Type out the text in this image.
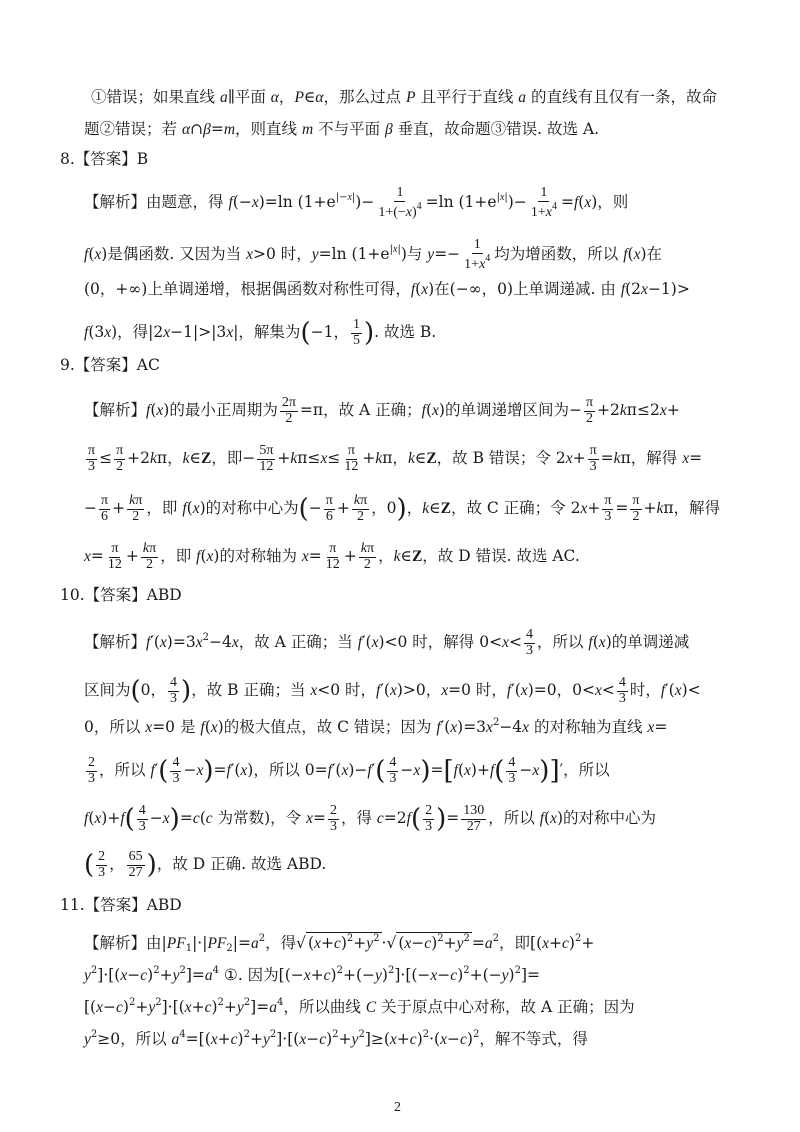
①错误；如果直线 a∥平面 α，P∈α，那么过点 P 且平行于直线 a 的直线有且仅有一条，故命
题②错误；若 α∩β=m，则直线 m 不与平面 β 垂直，故命题③错误. 故选 A.
8.【答案】B
【解析】由题意，得 f(−x)=ln $(1+e^{|-x|})- \frac{1}{1+(-x)^4} =\ln$ $(1+e^{|x|})- \frac{1}{1+x^4} =f(x)$，则
f(x)是偶函数. 又因为当 x>0 时，y=ln $(1+e^{|x|})$与 $y=- \frac{1}{1+x^4}$ 均为增函数，所以 f(x)在
(0，+∞)上单调递增，根据偶函数对称性可得，f(x)在(−∞，0)上单调递减. 由 f(2x−1)>
f(3x)，得|2x−1|>|3x|，解集为(−1， $\frac{1}{5}$ ). 故选 B.
9.【答案】AC
【解析】f(x)的最小正周期为 $\frac{2\pi}{2} =\pi$，故 A 正确；f(x)的单调递增区间为− $\frac{\pi}{2} +2k\pi\le 2x+$
$\frac{\pi}{3} \le \frac{\pi}{2} +2k\pi$，k∈Z，即− $\frac{5\pi}{12} +k\pi\le x\le \frac{\pi}{12} +k\pi$，k∈Z，故 B 错误；令 $2x+ \frac{\pi}{3} =k\pi$，解得 x=
− $\frac{\pi}{6} + \frac{k\pi}{2}$ ，即 f(x)的对称中心为(− $\frac{\pi}{6} + \frac{k\pi}{2}$ ，0)，k∈Z，故 C 正确；令 $2x+ \frac{\pi}{3} = \frac{\pi}{2} +k\pi$，解得
$x= \frac{\pi}{12} + \frac{k\pi}{2}$ ，即 f(x)的对称轴为 $x= \frac{\pi}{12} + \frac{k\pi}{2}$ ，k∈Z，故 D 错误. 故选 AC.
10.【答案】ABD
【解析】$f'(x)=3x^2-4x$，故 A 正确；当 f′(x)<0 时，解得 $0<x< \frac{4}{3}$ ，所以 f(x)的单调递减
区间为(0， $\frac{4}{3}$ )，故 B 正确；当 x<0 时，f′(x)>0，x=0 时，f′(x)=0，$0<x< \frac{4}{3}$ 时，f′(x)<
0，所以 x=0 是 f(x)的极大值点，故 C 错误；因为 $f'(x)=3x^2-4x$ 的对称轴为直线 x=
$\frac{2}{3}$ ，所以 $f'( \frac{4}{3} -x)=f'(x)$，所以 $0=f'(x)-f'( \frac{4}{3} -x)=[f(x)+f( \frac{4}{3} -x)]'$，所以
$f(x)+f( \frac{4}{3} -x)=c(c$ 为常数)，令 $x= \frac{2}{3}$ ，得 $c=2f( \frac{2}{3}$ )= $\frac{130}{27}$ ，所以 f(x)的对称中心为
( $\frac{2}{3}$ ， $\frac{65}{27}$ )，故 D 正确. 故选 ABD.
11.【答案】ABD
【解析】由$|PF_1|\cdot|PF_2|=a^2$，得√ $(x+c)^2+y^2$ ·√ $(x-c)^2+y^2 =a^2$，即[$(x+c)^2+$
$y^2]\cdot[(x-c)^2+y^2]=a^4$ ①. 因为$[(-x+c)^2+(-y)^2]\cdot[(-x-c)^2+(-y)^2]=$
$[(x-c)^2+y^2]\cdot[(x+c)^2+y^2]=a^4$，所以曲线 C 关于原点中心对称，故 A 正确；因为
$y^2\ge 0$，所以 $a^4=[(x+c)^2+y^2]\cdot[(x-c)^2+y^2]\ge(x+c)^2\cdot(x-c)^2$，解不等式，得
2
